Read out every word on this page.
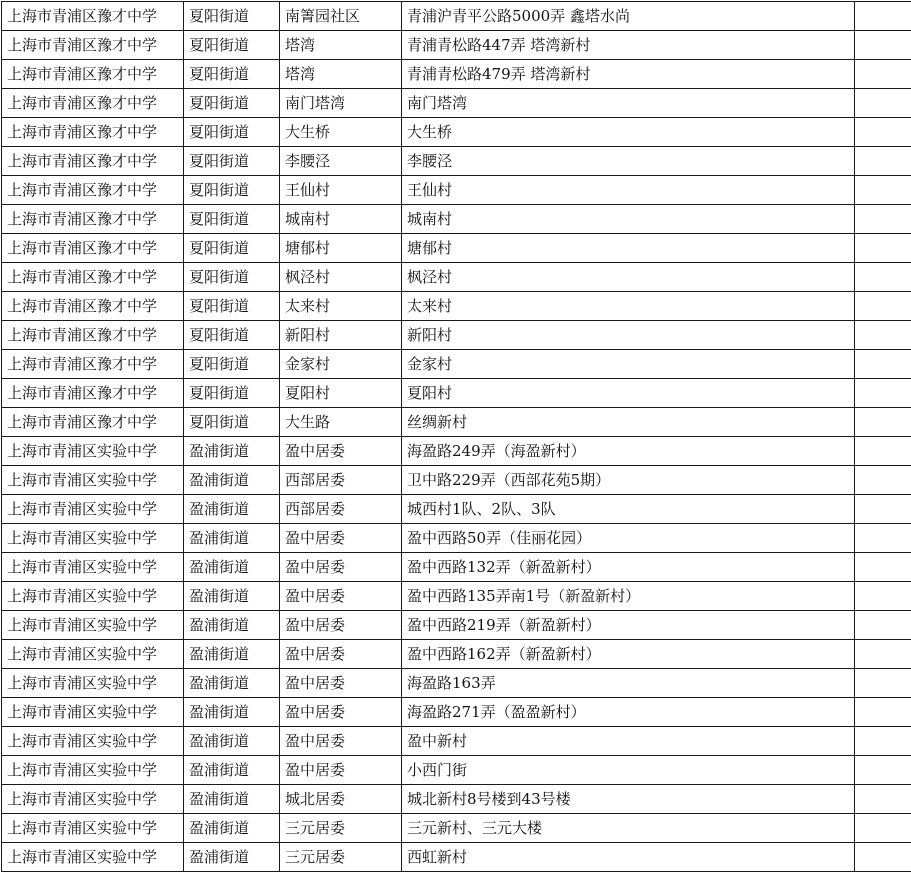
上海市青浦区豫才中学	夏阳街道	南箐园社区	青浦沪青平公路5000弄 鑫塔水尚	
上海市青浦区豫才中学	夏阳街道	塔湾	青浦青松路447弄 塔湾新村	
上海市青浦区豫才中学	夏阳街道	塔湾	青浦青松路479弄 塔湾新村	
上海市青浦区豫才中学	夏阳街道	南门塔湾	南门塔湾	
上海市青浦区豫才中学	夏阳街道	大生桥	大生桥	
上海市青浦区豫才中学	夏阳街道	李腰泾	李腰泾	
上海市青浦区豫才中学	夏阳街道	王仙村	王仙村	
上海市青浦区豫才中学	夏阳街道	城南村	城南村	
上海市青浦区豫才中学	夏阳街道	塘郁村	塘郁村	
上海市青浦区豫才中学	夏阳街道	枫泾村	枫泾村	
上海市青浦区豫才中学	夏阳街道	太来村	太来村	
上海市青浦区豫才中学	夏阳街道	新阳村	新阳村	
上海市青浦区豫才中学	夏阳街道	金家村	金家村	
上海市青浦区豫才中学	夏阳街道	夏阳村	夏阳村	
上海市青浦区豫才中学	夏阳街道	大生路	丝绸新村	
上海市青浦区实验中学	盈浦街道	盈中居委	海盈路249弄（海盈新村）	
上海市青浦区实验中学	盈浦街道	西部居委	卫中路229弄（西部花苑5期）	
上海市青浦区实验中学	盈浦街道	西部居委	城西村1队、2队、3队	
上海市青浦区实验中学	盈浦街道	盈中居委	盈中西路50弄（佳丽花园）	
上海市青浦区实验中学	盈浦街道	盈中居委	盈中西路132弄（新盈新村）	
上海市青浦区实验中学	盈浦街道	盈中居委	盈中西路135弄南1号（新盈新村）	
上海市青浦区实验中学	盈浦街道	盈中居委	盈中西路219弄（新盈新村）	
上海市青浦区实验中学	盈浦街道	盈中居委	盈中西路162弄（新盈新村）	
上海市青浦区实验中学	盈浦街道	盈中居委	海盈路163弄	
上海市青浦区实验中学	盈浦街道	盈中居委	海盈路271弄（盈盈新村）	
上海市青浦区实验中学	盈浦街道	盈中居委	盈中新村	
上海市青浦区实验中学	盈浦街道	盈中居委	小西门街	
上海市青浦区实验中学	盈浦街道	城北居委	城北新村8号楼到43号楼	
上海市青浦区实验中学	盈浦街道	三元居委	三元新村、三元大楼	
上海市青浦区实验中学	盈浦街道	三元居委	西虹新村	
